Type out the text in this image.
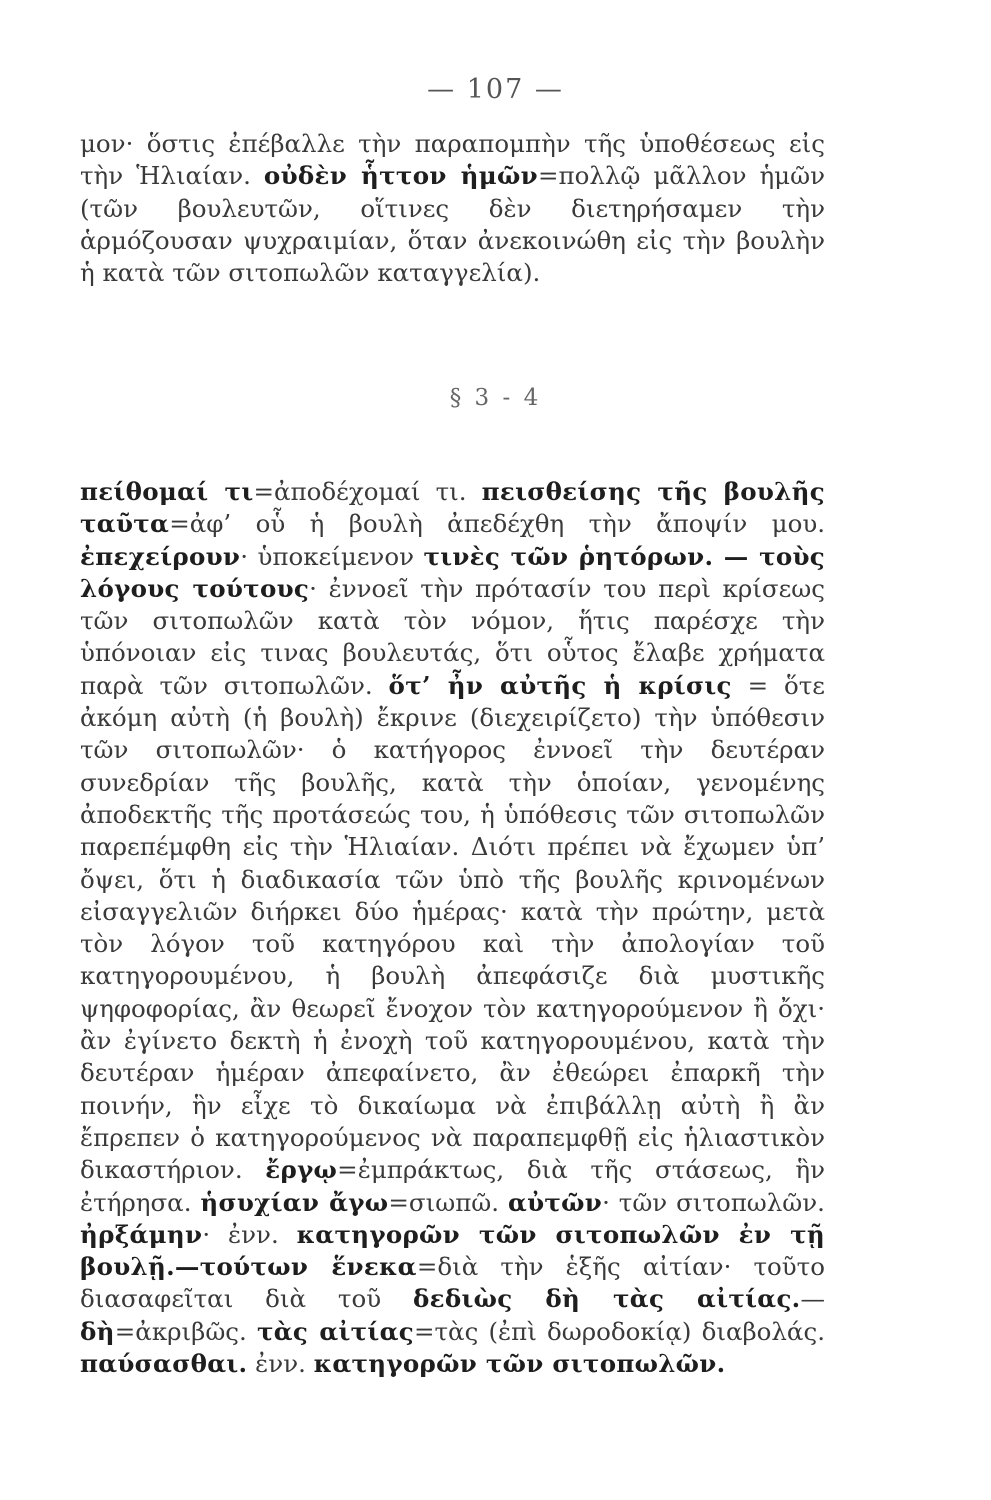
— 107 —
μον· ὅστις ἐπέβαλλε τὴν παραπομπὴν τῆς ὑποθέσεως εἰς τὴν Ἡλιαίαν. οὐδὲν ἧττον ἡμῶν=πολλῷ μᾶλλον ἡμῶν (τῶν βουλευτῶν, οἵτινες δὲν διετηρήσαμεν τὴν ἁρμόζουσαν ψυχραιμίαν, ὅταν ἀνεκοινώθη εἰς τὴν βουλὴν ἡ κατὰ τῶν σιτοπωλῶν καταγγελία).
§ 3 - 4
πείθομαί τι=ἀποδέχομαί τι. πεισθείσης τῆς βουλῆς ταῦτα=ἀφ’ οὗ ἡ βουλὴ ἀπεδέχθη τὴν ἄποψίν μου. ἐπεχείρουν· ὑποκείμενον τινὲς τῶν ῥητόρων. — τοὺς λόγους τούτους· ἐννοεῖ τὴν πρότασίν του περὶ κρίσεως τῶν σιτοπωλῶν κατὰ τὸν νόμον, ἥτις παρέσχε τὴν ὑπόνοιαν εἰς τινας βουλευτάς, ὅτι οὗτος ἔλαβε χρήματα παρὰ τῶν σιτοπωλῶν. ὅτ’ ἦν αὐτῆς ἡ κρίσις = ὅτε ἀκόμη αὐτὴ (ἡ βουλὴ) ἔκρινε (διεχειρίζετο) τὴν ὑπόθεσιν τῶν σιτοπωλῶν· ὁ κατήγορος ἐννοεῖ τὴν δευτέραν συνεδρίαν τῆς βουλῆς, κατὰ τὴν ὁποίαν, γενομένης ἀποδεκτῆς τῆς προτάσεώς του, ἡ ὑπόθεσις τῶν σιτοπωλῶν παρεπέμφθη εἰς τὴν Ἡλιαίαν. Διότι πρέπει νὰ ἔχωμεν ὑπ’ ὄψει, ὅτι ἡ διαδικασία τῶν ὑπὸ τῆς βουλῆς κρινομένων εἰσαγγελιῶν διήρκει δύο ἡμέρας· κατὰ τὴν πρώτην, μετὰ τὸν λόγον τοῦ κατηγόρου καὶ τὴν ἀπολογίαν τοῦ κατηγορουμένου, ἡ βουλὴ ἀπεφάσιζε διὰ μυστικῆς ψηφοφορίας, ἂν θεωρεῖ ἔνοχον τὸν κατηγορούμενον ἢ ὄχι· ἂν ἐγίνετο δεκτὴ ἡ ἐνοχὴ τοῦ κατηγορουμένου, κατὰ τὴν δευτέραν ἡμέραν ἀπεφαίνετο, ἂν ἐθεώρει ἐπαρκῆ τὴν ποινήν, ἣν εἶχε τὸ δικαίωμα νὰ ἐπιβάλλῃ αὐτὴ ἢ ἂν ἔπρεπεν ὁ κατηγορούμενος νὰ παραπεμφθῇ εἰς ἡλιαστικὸν δικαστήριον. ἔργῳ=ἐμπράκτως, διὰ τῆς στάσεως, ἣν ἐτήρησα. ἡσυχίαν ἄγω=σιωπῶ. αὐτῶν· τῶν σιτοπωλῶν. ἠρξάμην· ἐνν. κατηγορῶν τῶν σιτοπωλῶν ἐν τῇ βουλῇ.—τούτων ἕνεκα=διὰ τὴν ἑξῆς αἰτίαν· τοῦτο διασαφεῖται διὰ τοῦ δεδιὼς δὴ τὰς αἰτίας.—δὴ=ἀκριβῶς. τὰς αἰτίας=τὰς (ἐπὶ δωροδοκίᾳ) διαβολάς. παύσασθαι. ἐνν. κατηγορῶν τῶν σιτοπωλῶν.
